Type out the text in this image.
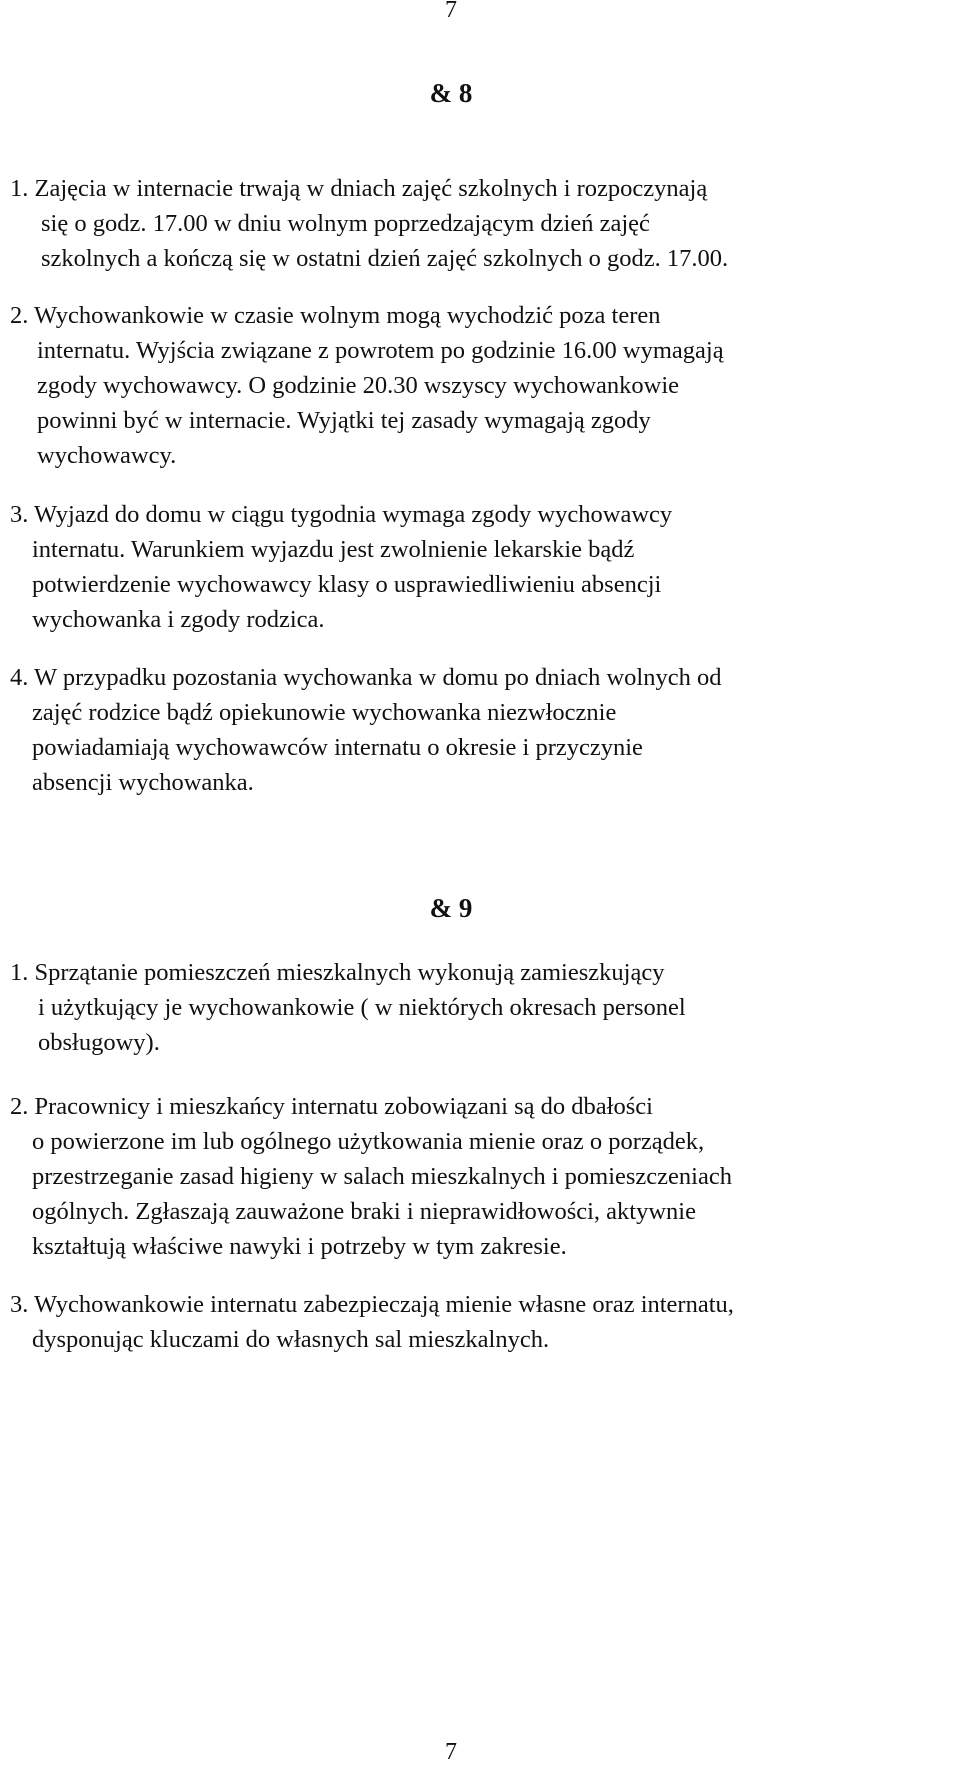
7
& 8
1. Zajęcia w internacie trwają w dniach zajęć szkolnych i rozpoczynają
się o godz. 17.00 w dniu wolnym poprzedzającym dzień zajęć
szkolnych a kończą się w ostatni dzień zajęć szkolnych o godz. 17.00.
2. Wychowankowie w czasie wolnym mogą wychodzić poza teren
internatu. Wyjścia związane z powrotem po godzinie 16.00 wymagają
zgody wychowawcy. O godzinie 20.30 wszyscy wychowankowie
powinni być w internacie. Wyjątki tej zasady wymagają zgody
wychowawcy.
3. Wyjazd do domu w ciągu tygodnia wymaga zgody wychowawcy
internatu. Warunkiem wyjazdu jest zwolnienie lekarskie bądź
potwierdzenie wychowawcy klasy o usprawiedliwieniu absencji
wychowanka i zgody rodzica.
4. W przypadku pozostania wychowanka w domu po dniach wolnych od
zajęć rodzice bądź opiekunowie wychowanka niezwłocznie
powiadamiają wychowawców internatu o okresie i przyczynie
absencji wychowanka.
& 9
1. Sprzątanie pomieszczeń mieszkalnych wykonują zamieszkujący
i użytkujący je wychowankowie ( w niektórych okresach personel
obsługowy).
2. Pracownicy i mieszkańcy internatu zobowiązani są do dbałości
o powierzone im lub ogólnego użytkowania mienie oraz o porządek,
przestrzeganie zasad higieny w salach mieszkalnych i pomieszczeniach
ogólnych. Zgłaszają zauważone braki i nieprawidłowości, aktywnie
kształtują właściwe nawyki i potrzeby w tym zakresie.
3. Wychowankowie internatu zabezpieczają mienie własne oraz internatu,
dysponując kluczami do własnych sal mieszkalnych.
7
